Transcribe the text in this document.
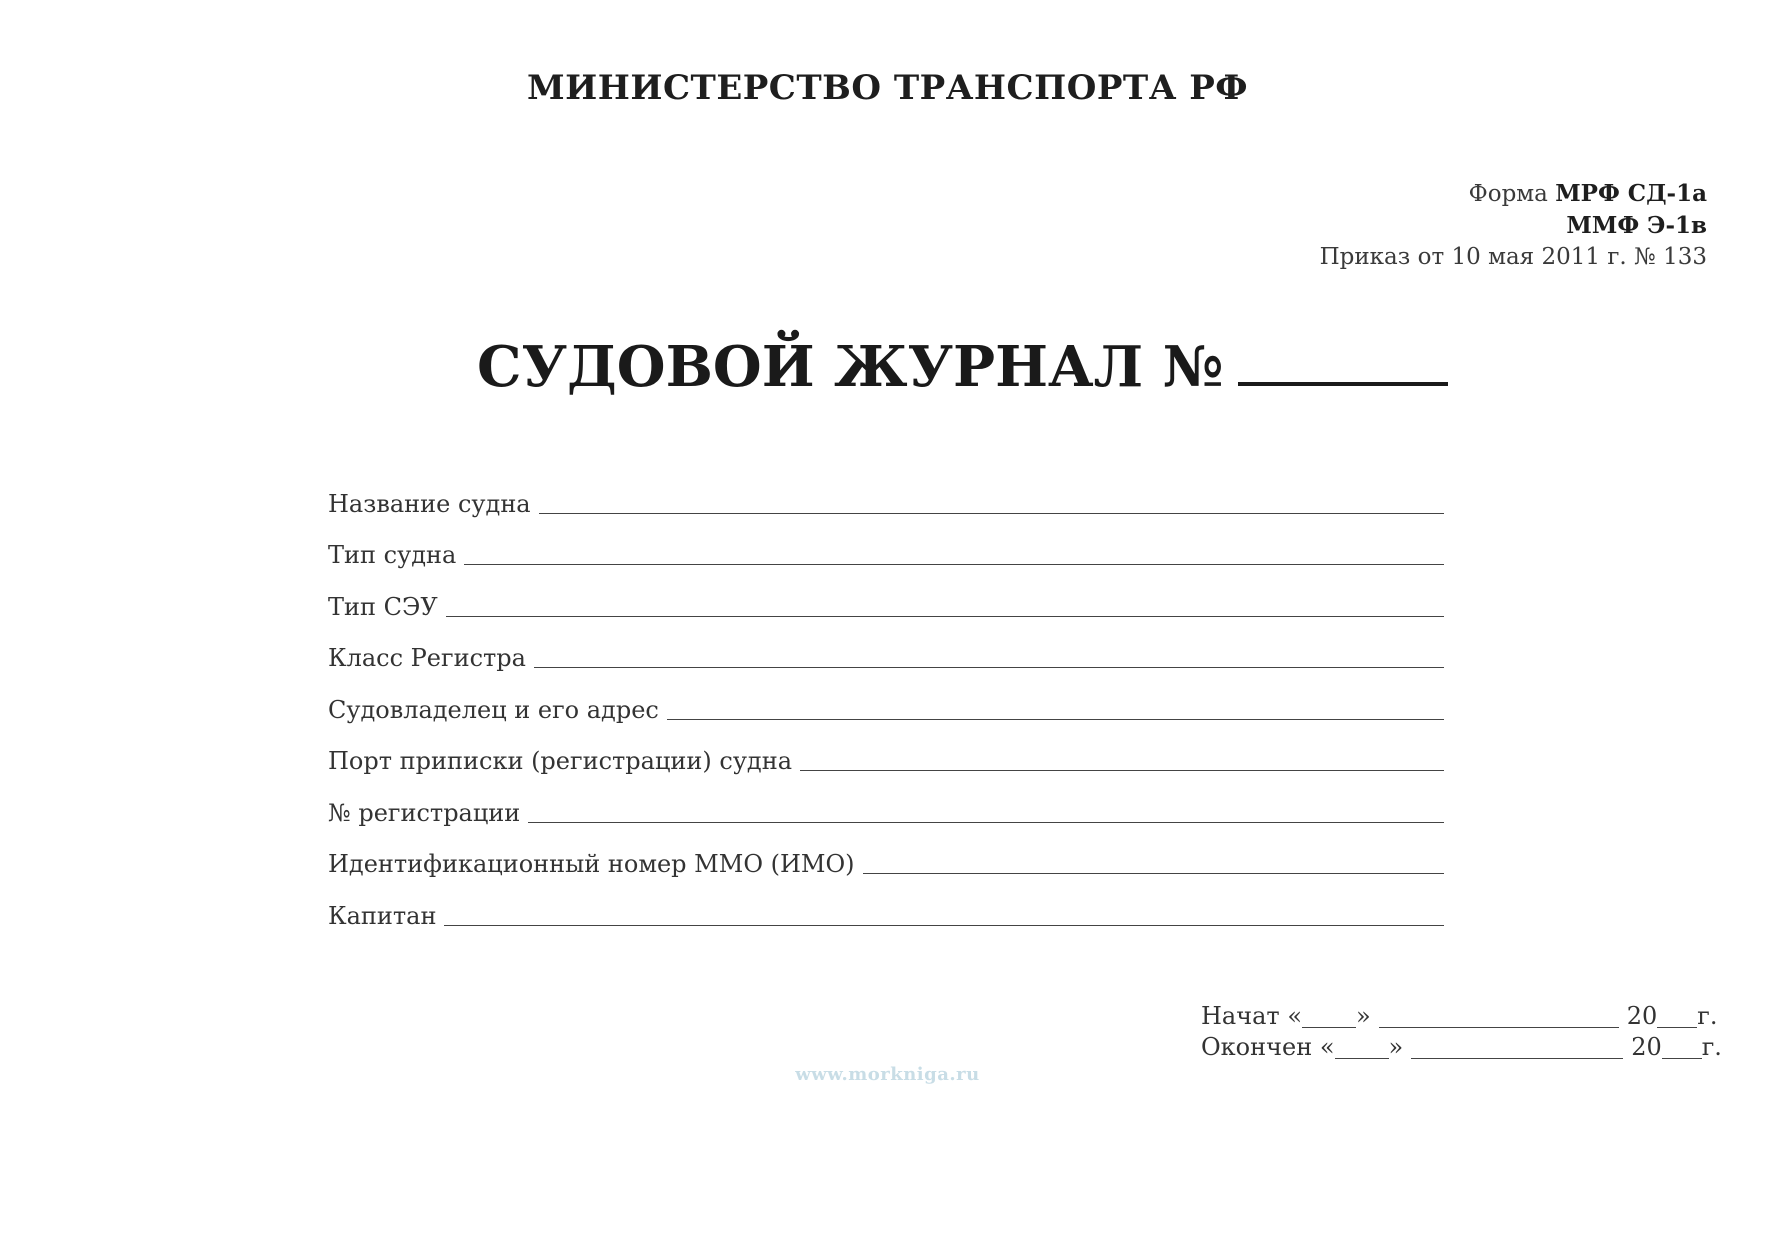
МИНИСТЕРСТВО ТРАНСПОРТА РФ
Форма МРФ СД-1а
ММФ Э-1в
Приказ от 10 мая 2011 г. № 133
СУДОВОЙ ЖУРНАЛ №
Название судна
Тип судна
Тип СЭУ
Класс Регистра
Судовладелец и его адрес
Порт приписки (регистрации) судна
№ регистрации
Идентификационный номер ММО (ИМО)
Капитан
Начат « »	20 г.
Окончен « »	20 г.
www.morkniga.ru
